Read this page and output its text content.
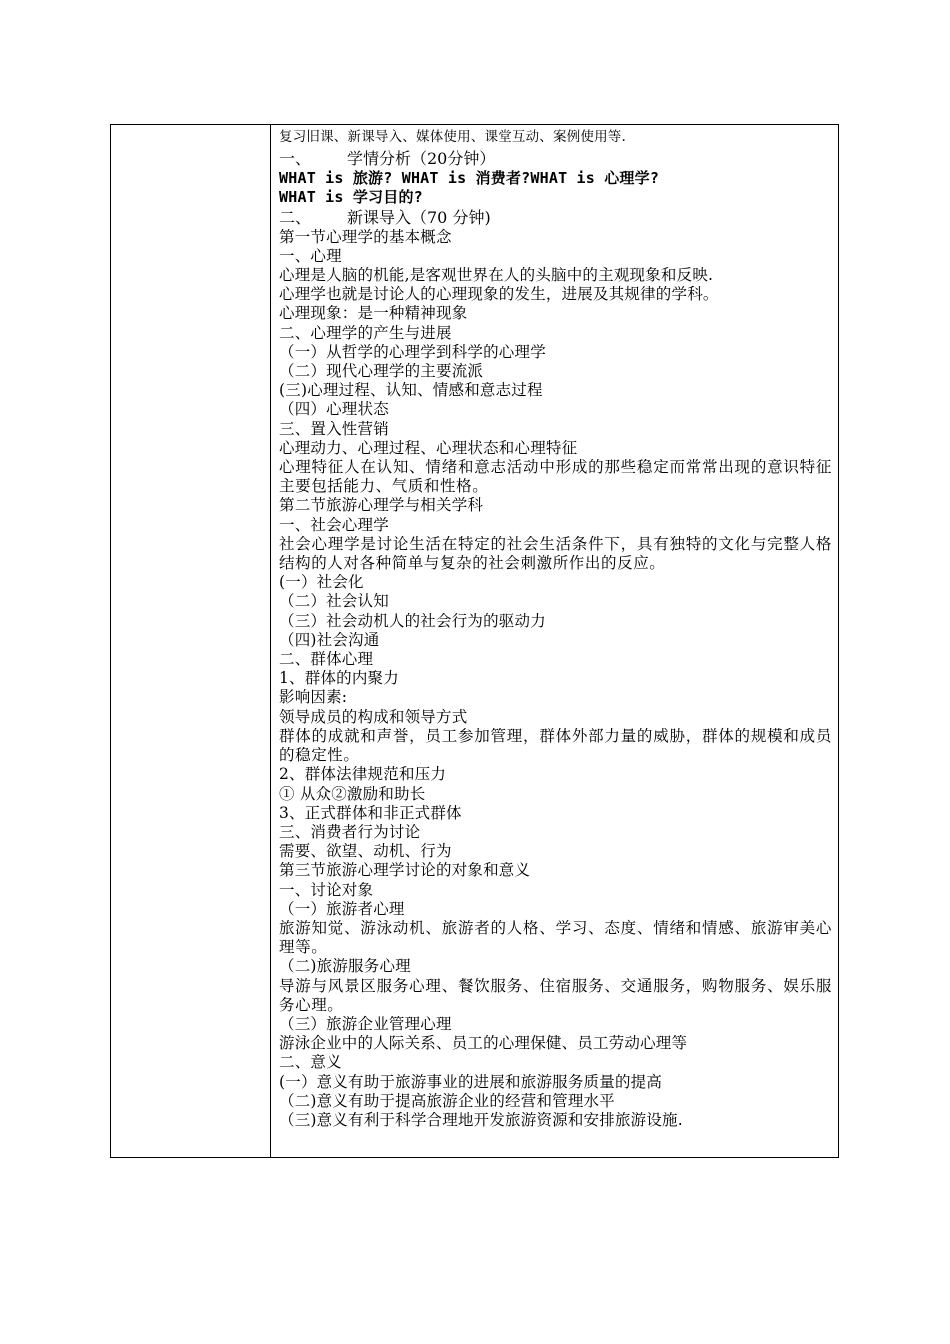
复习旧课、新课导入、媒体使用、课堂互动、案例使用等.
一、 学情分析（20分钟）
WHAT is 旅游? WHAT is 消费者?WHAT is 心理学?
WHAT is 学习目的?
二、 新课导入（70 分钟)
第一节心理学的基本概念
一、心理
心理是人脑的机能,是客观世界在人的头脑中的主观现象和反映.
心理学也就是讨论人的心理现象的发生，进展及其规律的学科。
心理现象：是一种精神现象
二、心理学的产生与进展
（一）从哲学的心理学到科学的心理学
（二）现代心理学的主要流派
(三)心理过程、认知、情感和意志过程
（四）心理状态
三、置入性营销
心理动力、心理过程、心理状态和心理特征
心理特征人在认知、情绪和意志活动中形成的那些稳定而常常出现的意识特征主要包括能力、气质和性格。
第二节旅游心理学与相关学科
一、社会心理学
社会心理学是讨论生活在特定的社会生活条件下，具有独特的文化与完整人格结构的人对各种简单与复杂的社会刺激所作出的反应。
(一）社会化
（二）社会认知
（三）社会动机人的社会行为的驱动力
（四)社会沟通
二、群体心理
1、群体的内聚力
影响因素:
领导成员的构成和领导方式
群体的成就和声誉，员工参加管理，群体外部力量的威胁，群体的规模和成员的稳定性。
2、群体法律规范和压力
① 从众②激励和助长
3、正式群体和非正式群体
三、消费者行为讨论
需要、欲望、动机、行为
第三节旅游心理学讨论的对象和意义
一、讨论对象
（一）旅游者心理
旅游知觉、游泳动机、旅游者的人格、学习、态度、情绪和情感、旅游审美心理等。
（二)旅游服务心理
导游与风景区服务心理、餐饮服务、住宿服务、交通服务，购物服务、娱乐服务心理。
（三）旅游企业管理心理
游泳企业中的人际关系、员工的心理保健、员工劳动心理等
二、意义
(一）意义有助于旅游事业的进展和旅游服务质量的提高
（二)意义有助于提高旅游企业的经营和管理水平
（三)意义有利于科学合理地开发旅游资源和安排旅游设施.
